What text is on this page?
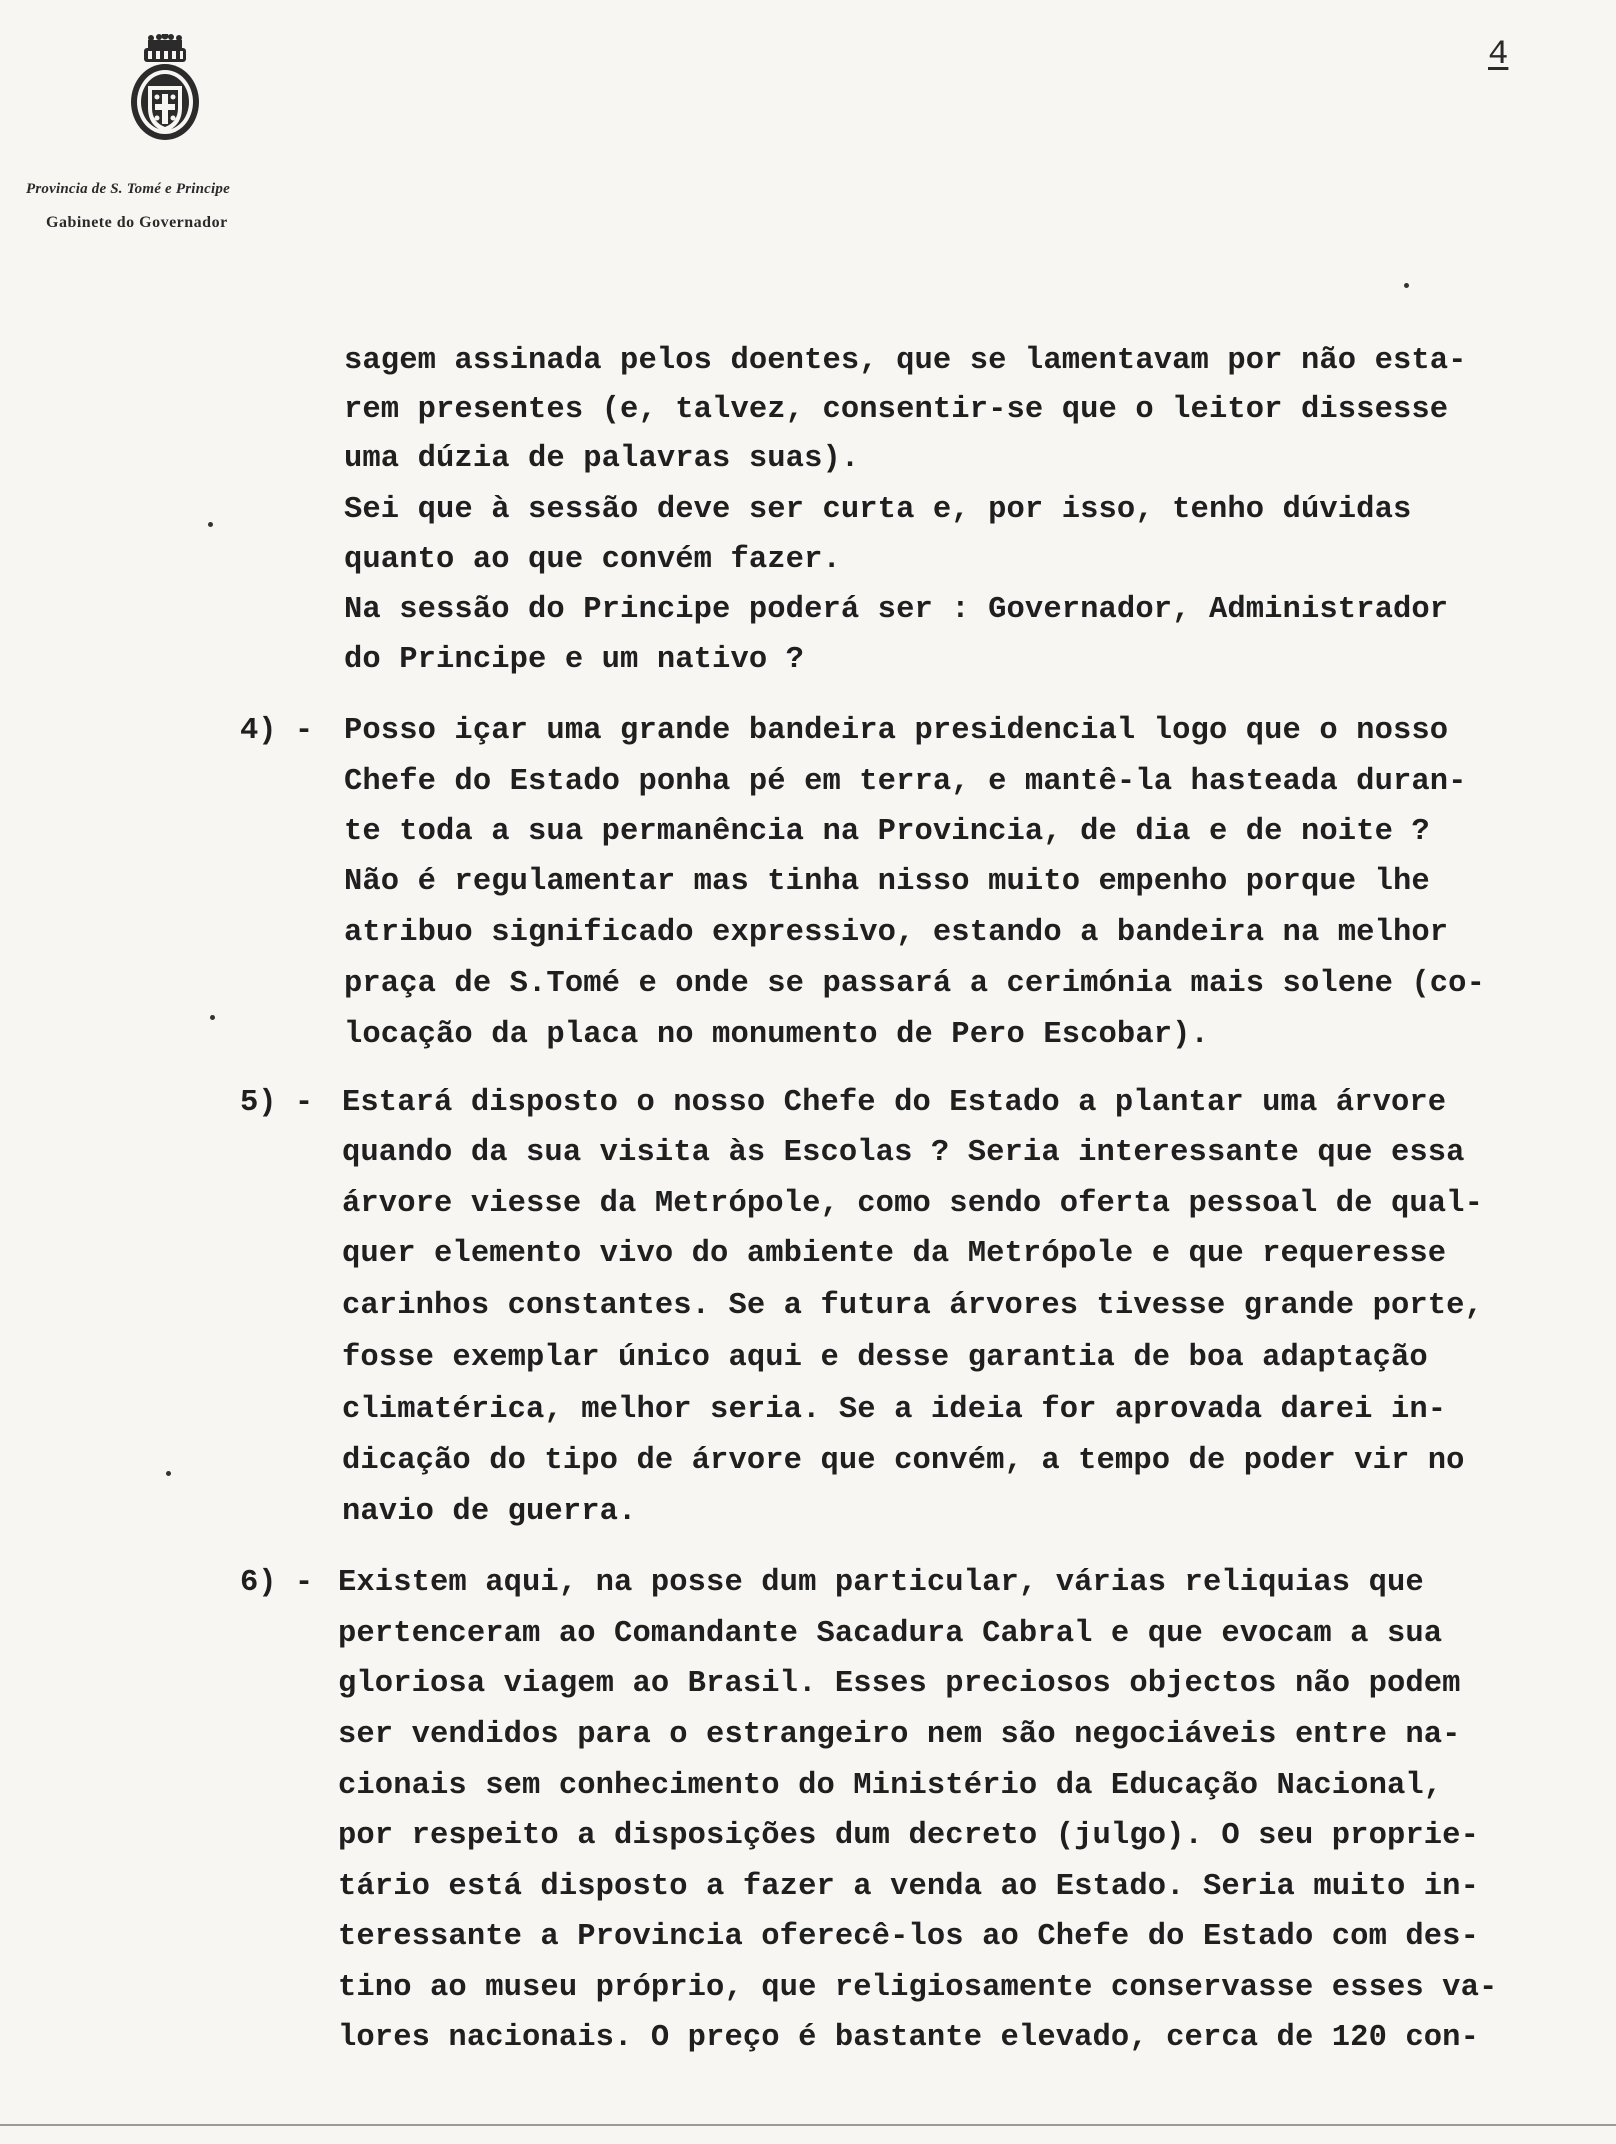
Provincia de S. Tomé e Principe
Gabinete do Governador
4
sagem assinada pelos doentes, que se lamentavam por não esta-
rem presentes (e, talvez, consentir-se que o leitor dissesse
uma dúzia de palavras suas).
Sei que à sessão deve ser curta e, por isso, tenho dúvidas
quanto ao que convém fazer.
Na sessão do Principe poderá ser : Governador, Administrador
do Principe e um nativo ?
4) - Posso içar uma grande bandeira presidencial logo que o nosso
Chefe do Estado ponha pé em terra, e mantê-la hasteada duran-
te toda a sua permanência na Provincia, de dia e de noite ?
Não é regulamentar mas tinha nisso muito empenho porque lhe
atribuo significado expressivo, estando a bandeira na melhor
praça de S.Tomé e onde se passará a cerimónia mais solene (co-
locação da placa no monumento de Pero Escobar).
5) - Estará disposto o nosso Chefe do Estado a plantar uma árvore
quando da sua visita às Escolas ? Seria interessante que essa
árvore viesse da Metrópole, como sendo oferta pessoal de qual-
quer elemento vivo do ambiente da Metrópole e que requeresse
carinhos constantes. Se a futura árvores tivesse grande porte,
fosse exemplar único aqui e desse garantia de boa adaptação
climatérica, melhor seria. Se a ideia for aprovada darei in-
dicação do tipo de árvore que convém, a tempo de poder vir no
navio de guerra.
6) - Existem aqui, na posse dum particular, várias reliquias que
pertenceram ao Comandante Sacadura Cabral e que evocam a sua
gloriosa viagem ao Brasil. Esses preciosos objectos não podem
ser vendidos para o estrangeiro nem são negociáveis entre na-
cionais sem conhecimento do Ministério da Educação Nacional,
por respeito a disposições dum decreto (julgo). O seu proprie-
tário está disposto a fazer a venda ao Estado. Seria muito in-
teressante a Provincia oferecê-los ao Chefe do Estado com des-
tino ao museu próprio, que religiosamente conservasse esses va-
lores nacionais. O preço é bastante elevado, cerca de 120 con-
